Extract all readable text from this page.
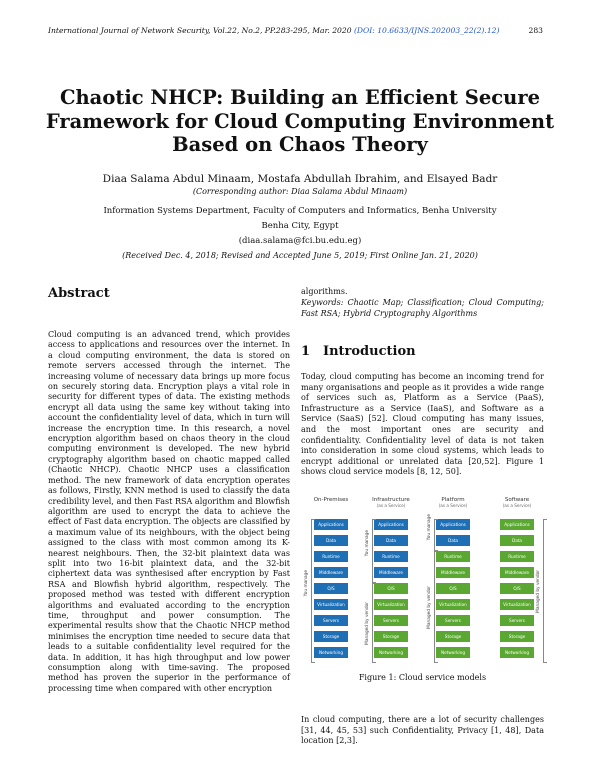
International Journal of Network Security, Vol.22, No.2, PP.283-295, Mar. 2020 (DOI: 10.6633/IJNS.202003_22(2).12)	283
Chaotic NHCP: Building an Efficient Secure
Framework for Cloud Computing Environment
Based on Chaos Theory
Diaa Salama Abdul Minaam, Mostafa Abdullah Ibrahim, and Elsayed Badr
(Corresponding author: Diaa Salama Abdul Minaam)
Information Systems Department, Faculty of Computers and Informatics, Benha University
Benha City, Egypt
(diaa.salama@fci.bu.edu.eg)
(Received Dec. 4, 2018; Revised and Accepted June 5, 2019; First Online Jan. 21, 2020)
Abstract
Cloud computing is an advanced trend, which provides access to applications and resources over the internet. In a cloud computing environment, the data is stored on remote servers accessed through the internet. The increasing volume of necessary data brings up more focus on securely storing data. Encryption plays a vital role in security for different types of data. The existing methods encrypt all data using the same key without taking into account the confidentiality level of data, which in turn will increase the encryption time. In this research, a novel encryption algorithm based on chaos theory in the cloud computing environment is developed. The new hybrid cryptography algorithm based on chaotic mapped called (Chaotic NHCP). Chaotic NHCP uses a classification method. The new framework of data encryption operates as follows, Firstly, KNN method is used to classify the data credibility level, and then Fast RSA algorithm and Blowfish algorithm are used to encrypt the data to achieve the effect of Fast data encryption. The objects are classified by a maximum value of its neighbours, with the object being assigned to the class with most common among its K-nearest neighbours. Then, the 32-bit plaintext data was split into two 16-bit plaintext data, and the 32-bit ciphertext data was synthesised after encryption by Fast RSA and Blowfish hybrid algorithm, respectively. The proposed method was tested with different encryption algorithms and evaluated according to the encryption time, throughput and power consumption. The experimental results show that the Chaotic NHCP method minimises the encryption time needed to secure data that leads to a suitable confidentiality level required for the data. In addition, it has high throughput and low power consumption along with time-saving. The proposed method has proven the superior in the performance of processing time when compared with other encryption
algorithms.
Keywords: Chaotic Map; Classification; Cloud Computing; Fast RSA; Hybrid Cryptography Algorithms
1 Introduction
Today, cloud computing has become an incoming trend for many organisations and people as it provides a wide range of services such as, Platform as a Service (PaaS), Infrastructure as a Service (IaaS), and Software as a Service (SaaS) [52]. Cloud computing has many issues, and the most important ones are security and confidentiality. Confidentiality level of data is not taken into consideration in some cloud systems, which leads to encrypt additional or unrelated data [20,52]. Figure 1 shows cloud service models [8, 12, 50].
On-Premises
Applications
Data
Runtime
Middleware
O/S
Virtualization
Servers
Storage
Networking
Infrastructure
(as a Service)
Applications
Data
Runtime
Middleware
O/S
Virtualization
Servers
Storage
Networking
Platform
(as a Service)
Applications
Data
Runtime
Middleware
O/S
Virtualization
Servers
Storage
Networking
Software
(as a Service)
Applications
Data
Runtime
Middleware
O/S
Virtualization
Servers
Storage
Networking
You manage
You manage
Managed by vendor
You manage
Managed by vendor	Managed by vendor
Figure 1: Cloud service models
In cloud computing, there are a lot of security challenges [31, 44, 45, 53] such Confidentiality, Privacy [1, 48], Data location [2,3].
